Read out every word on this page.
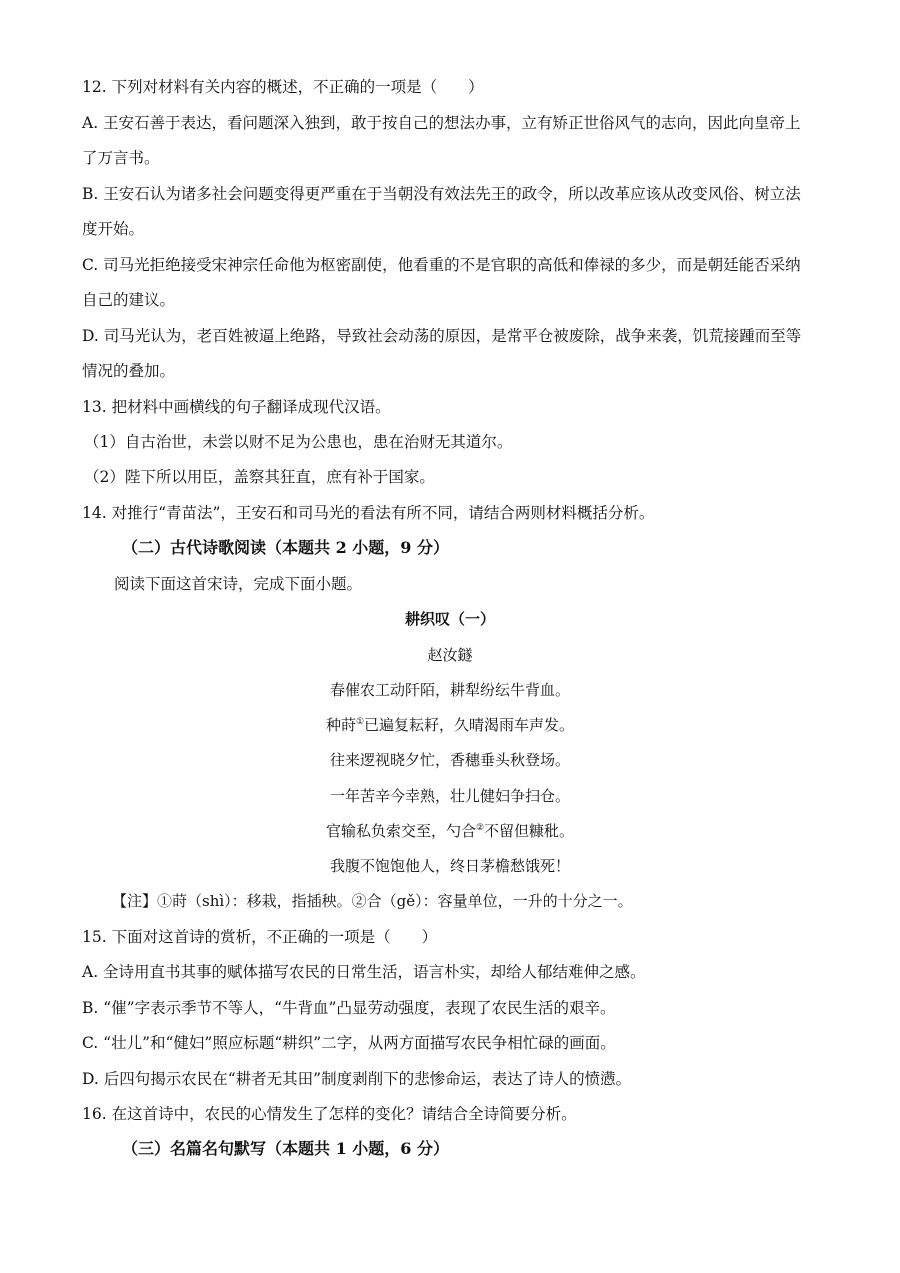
12. 下列对材料有关内容的概述，不正确的一项是（　　）
A. 王安石善于表达，看问题深入独到，敢于按自己的想法办事，立有矫正世俗风气的志向，因此向皇帝上
了万言书。
B. 王安石认为诸多社会问题变得更严重在于当朝没有效法先王的政令，所以改革应该从改变风俗、树立法
度开始。
C. 司马光拒绝接受宋神宗任命他为枢密副使，他看重的不是官职的高低和俸禄的多少，而是朝廷能否采纳
自己的建议。
D. 司马光认为，老百姓被逼上绝路，导致社会动荡的原因，是常平仓被废除，战争来袭，饥荒接踵而至等
情况的叠加。
13. 把材料中画横线的句子翻译成现代汉语。
（1）自古治世，未尝以财不足为公患也，患在治财无其道尔。
（2）陛下所以用臣，盖察其狂直，庶有补于国家。
14. 对推行“青苗法”，王安石和司马光的看法有所不同，请结合两则材料概括分析。
（二）古代诗歌阅读（本题共 2 小题，9 分）
阅读下面这首宋诗，完成下面小题。
耕织叹（一）
赵汝鐩
春催农工动阡陌，耕犁纷纭牛背血。
种莳①已遍复耘耔，久晴渴雨车声发。
往来逻视晓夕忙，香穗垂头秋登场。
一年苦辛今幸熟，壮儿健妇争扫仓。
官输私负索交至，勺合②不留但糠秕。
我腹不饱饱他人，终日茅檐愁饿死！
【注】①莳（shì）：移栽，指插秧。②合（gě）：容量单位，一升的十分之一。
15. 下面对这首诗的赏析，不正确的一项是（　　）
A. 全诗用直书其事的赋体描写农民的日常生活，语言朴实，却给人郁结难伸之感。
B. “催”字表示季节不等人，“牛背血”凸显劳动强度，表现了农民生活的艰辛。
C. “壮儿”和“健妇”照应标题“耕织”二字，从两方面描写农民争相忙碌的画面。
D. 后四句揭示农民在“耕者无其田”制度剥削下的悲惨命运，表达了诗人的愤懑。
16. 在这首诗中，农民的心情发生了怎样的变化？请结合全诗简要分析。
（三）名篇名句默写（本题共 1 小题，6 分）
